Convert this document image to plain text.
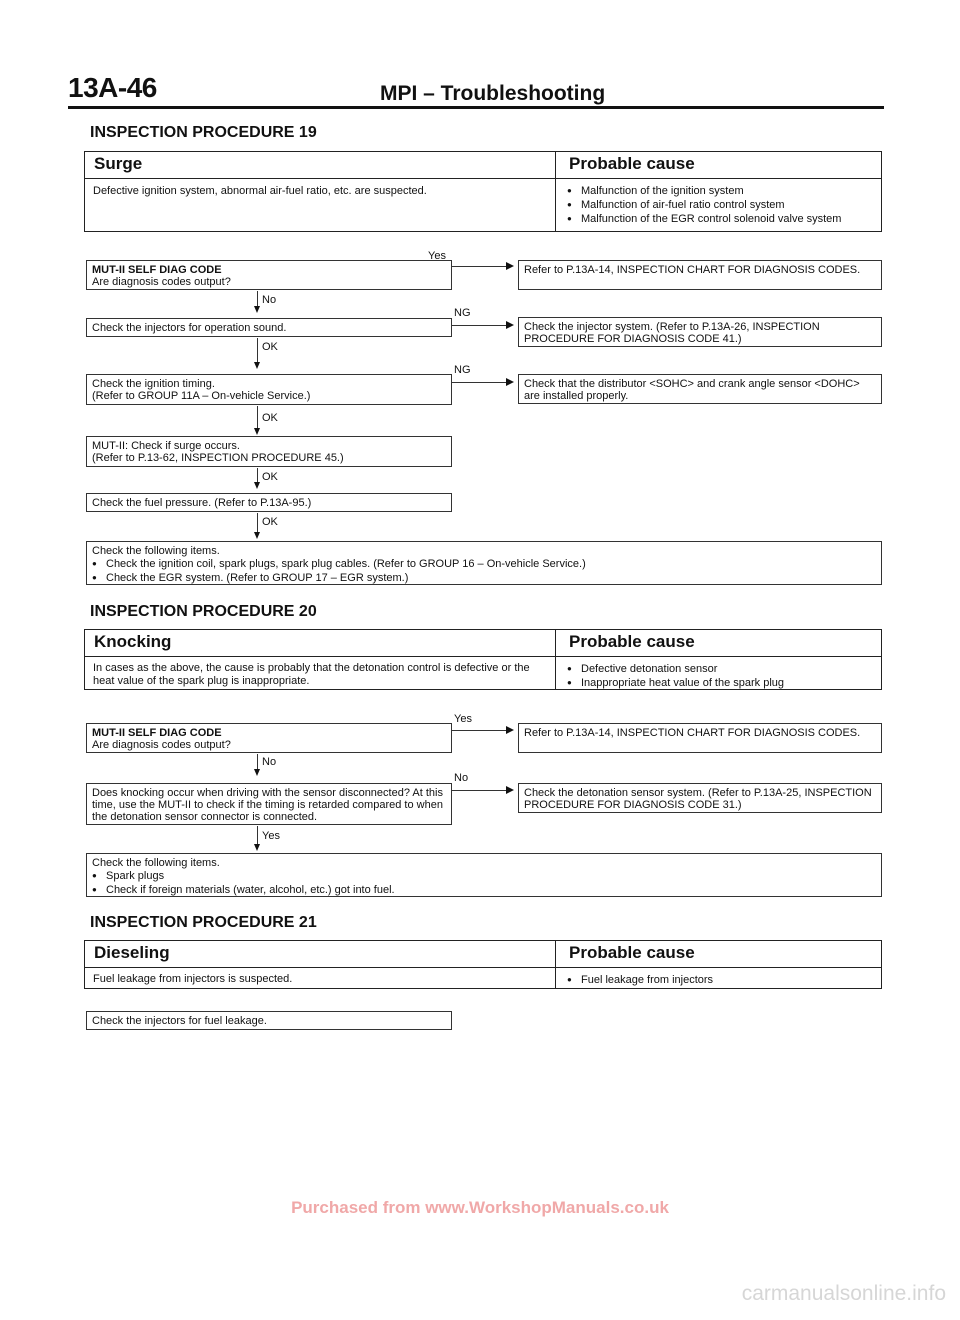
13A-46	MPI – Troubleshooting
INSPECTION PROCEDURE 19
Surge	Probable cause
Defective ignition system, abnormal air-fuel ratio, etc. are suspected.	● Malfunction of the ignition system
● Malfunction of air-fuel ratio control system
● Malfunction of the EGR control solenoid valve system
MUT-II SELF DIAG CODE
Are diagnosis codes output?
Yes
Refer to P.13A-14, INSPECTION CHART FOR DIAGNOSIS CODES.
No
Check the injectors for operation sound.
NG
Check the injector system. (Refer to P.13A-26, INSPECTION PROCEDURE FOR DIAGNOSIS CODE 41.)
OK
Check the ignition timing.
(Refer to GROUP 11A – On-vehicle Service.)
NG
Check that the distributor <SOHC> and crank angle sensor <DOHC> are installed properly.
OK
MUT-II: Check if surge occurs.
(Refer to P.13-62, INSPECTION PROCEDURE 45.)
OK
Check the fuel pressure. (Refer to P.13A-95.)
OK
Check the following items.
● Check the ignition coil, spark plugs, spark plug cables. (Refer to GROUP 16 – On-vehicle Service.)
● Check the EGR system. (Refer to GROUP 17 – EGR system.)
INSPECTION PROCEDURE 20
Knocking	Probable cause
In cases as the above, the cause is probably that the detonation control is defective or the heat value of the spark plug is inappropriate.
● Defective detonation sensor
● Inappropriate heat value of the spark plug
MUT-II SELF DIAG CODE
Are diagnosis codes output?
Yes
Refer to P.13A-14, INSPECTION CHART FOR DIAGNOSIS CODES.
No
Does knocking occur when driving with the sensor disconnected? At this time, use the MUT-II to check if the timing is retarded compared to when the detonation sensor connector is connected.
No
Check the detonation sensor system. (Refer to P.13A-25, INSPECTION PROCEDURE FOR DIAGNOSIS CODE 31.)
Yes
Check the following items.
● Spark plugs
● Check if foreign materials (water, alcohol, etc.) got into fuel.
INSPECTION PROCEDURE 21
Dieseling	Probable cause
Fuel leakage from injectors is suspected.	● Fuel leakage from injectors
Check the injectors for fuel leakage.
Purchased from www.WorkshopManuals.co.uk
carmanualsonline.info
